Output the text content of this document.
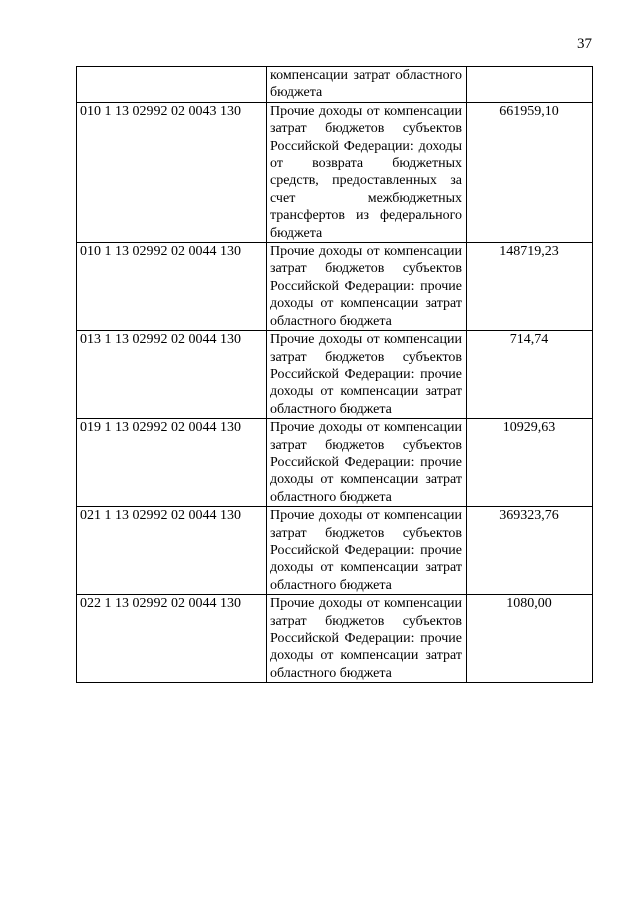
37

	компенсации затрат областного бюджета	

010 1 13 02992 02 0043 130	Прочие доходы от компенсации затрат бюджетов субъектов Российской Федерации: доходы от возврата бюджетных средств, предоставленных за счет межбюджетных трансфертов из федерального бюджета	661959,10
010 1 13 02992 02 0044 130	Прочие доходы от компенсации затрат бюджетов субъектов Российской Федерации: прочие доходы от компенсации затрат областного бюджета	148719,23
013 1 13 02992 02 0044 130	Прочие доходы от компенсации затрат бюджетов субъектов Российской Федерации: прочие доходы от компенсации затрат областного бюджета	714,74
019 1 13 02992 02 0044 130	Прочие доходы от компенсации затрат бюджетов субъектов Российской Федерации: прочие доходы от компенсации затрат областного бюджета	10929,63
021 1 13 02992 02 0044 130	Прочие доходы от компенсации затрат бюджетов субъектов Российской Федерации: прочие доходы от компенсации затрат областного бюджета	369323,76
022 1 13 02992 02 0044 130	Прочие доходы от компенсации затрат бюджетов субъектов Российской Федерации: прочие доходы от компенсации затрат областного бюджета	1080,00
